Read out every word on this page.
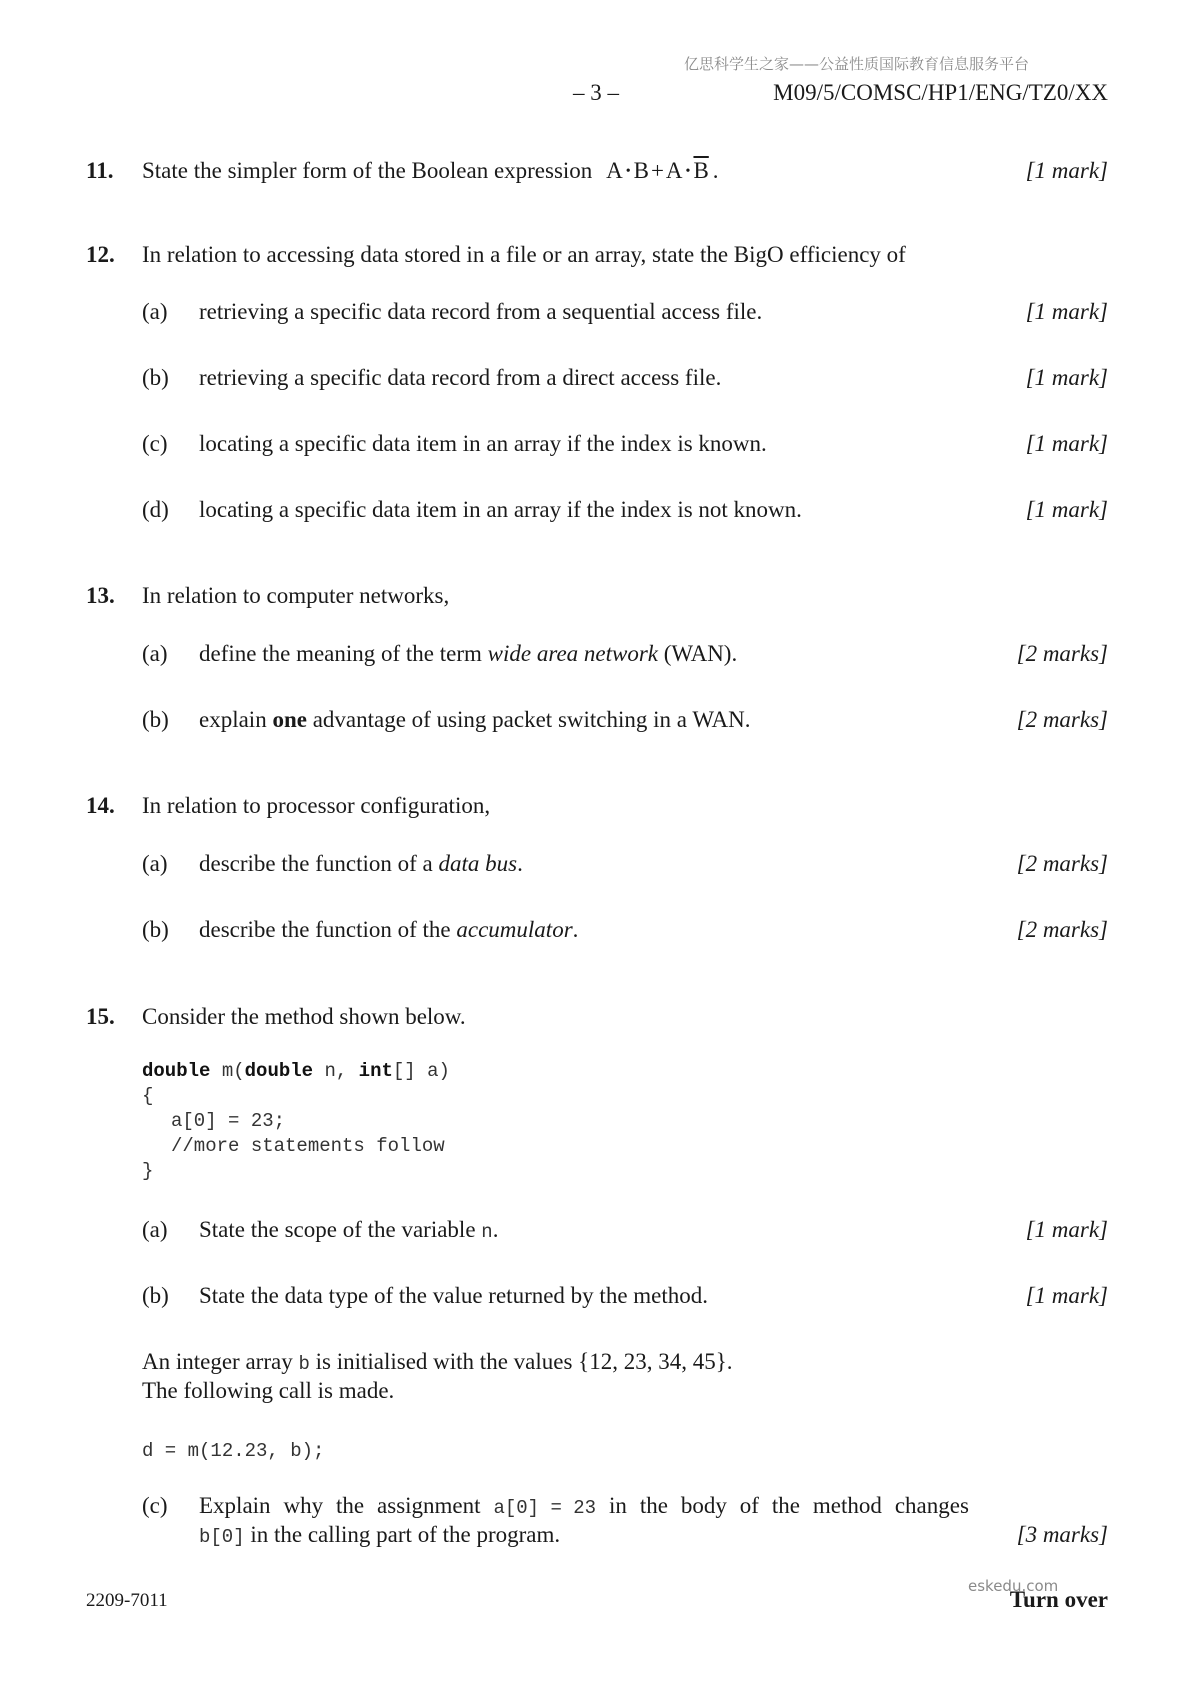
亿思科学生之家——公益性质国际教育信息服务平台
– 3 –	M09/5/COMSC/HP1/ENG/TZ0/XX
11. State the simpler form of the Boolean expression A • B+A • $\overline{B}$ .	[1 mark]
12. In relation to accessing data stored in a file or an array, state the BigO efficiency of
(a) retrieving a specific data record from a sequential access file.	[1 mark]
(b) retrieving a specific data record from a direct access file.	[1 mark]
(c) locating a specific data item in an array if the index is known.	[1 mark]
(d) locating a specific data item in an array if the index is not known.	[1 mark]
13. In relation to computer networks,
(a) define the meaning of the term wide area network (WAN).	[2 marks]
(b) explain one advantage of using packet switching in a WAN.	[2 marks]
14. In relation to processor configuration,
(a) describe the function of a data bus.	[2 marks]
(b) describe the function of the accumulator.	[2 marks]
15. Consider the method shown below.
double m(double n, int[] a)
{
a[0] = 23;
//more statements follow
}
(a) State the scope of the variable n.	[1 mark]
(b) State the data type of the value returned by the method.	[1 mark]
An integer array b is initialised with the values {12, 23, 34, 45}.
The following call is made.
d = m(12.23, b);
(c) Explain why the assignment a[0] = 23 in the body of the method changes
b[0] in the calling part of the program.	[3 marks]
2209-7011	Turn over
eskedu.com
